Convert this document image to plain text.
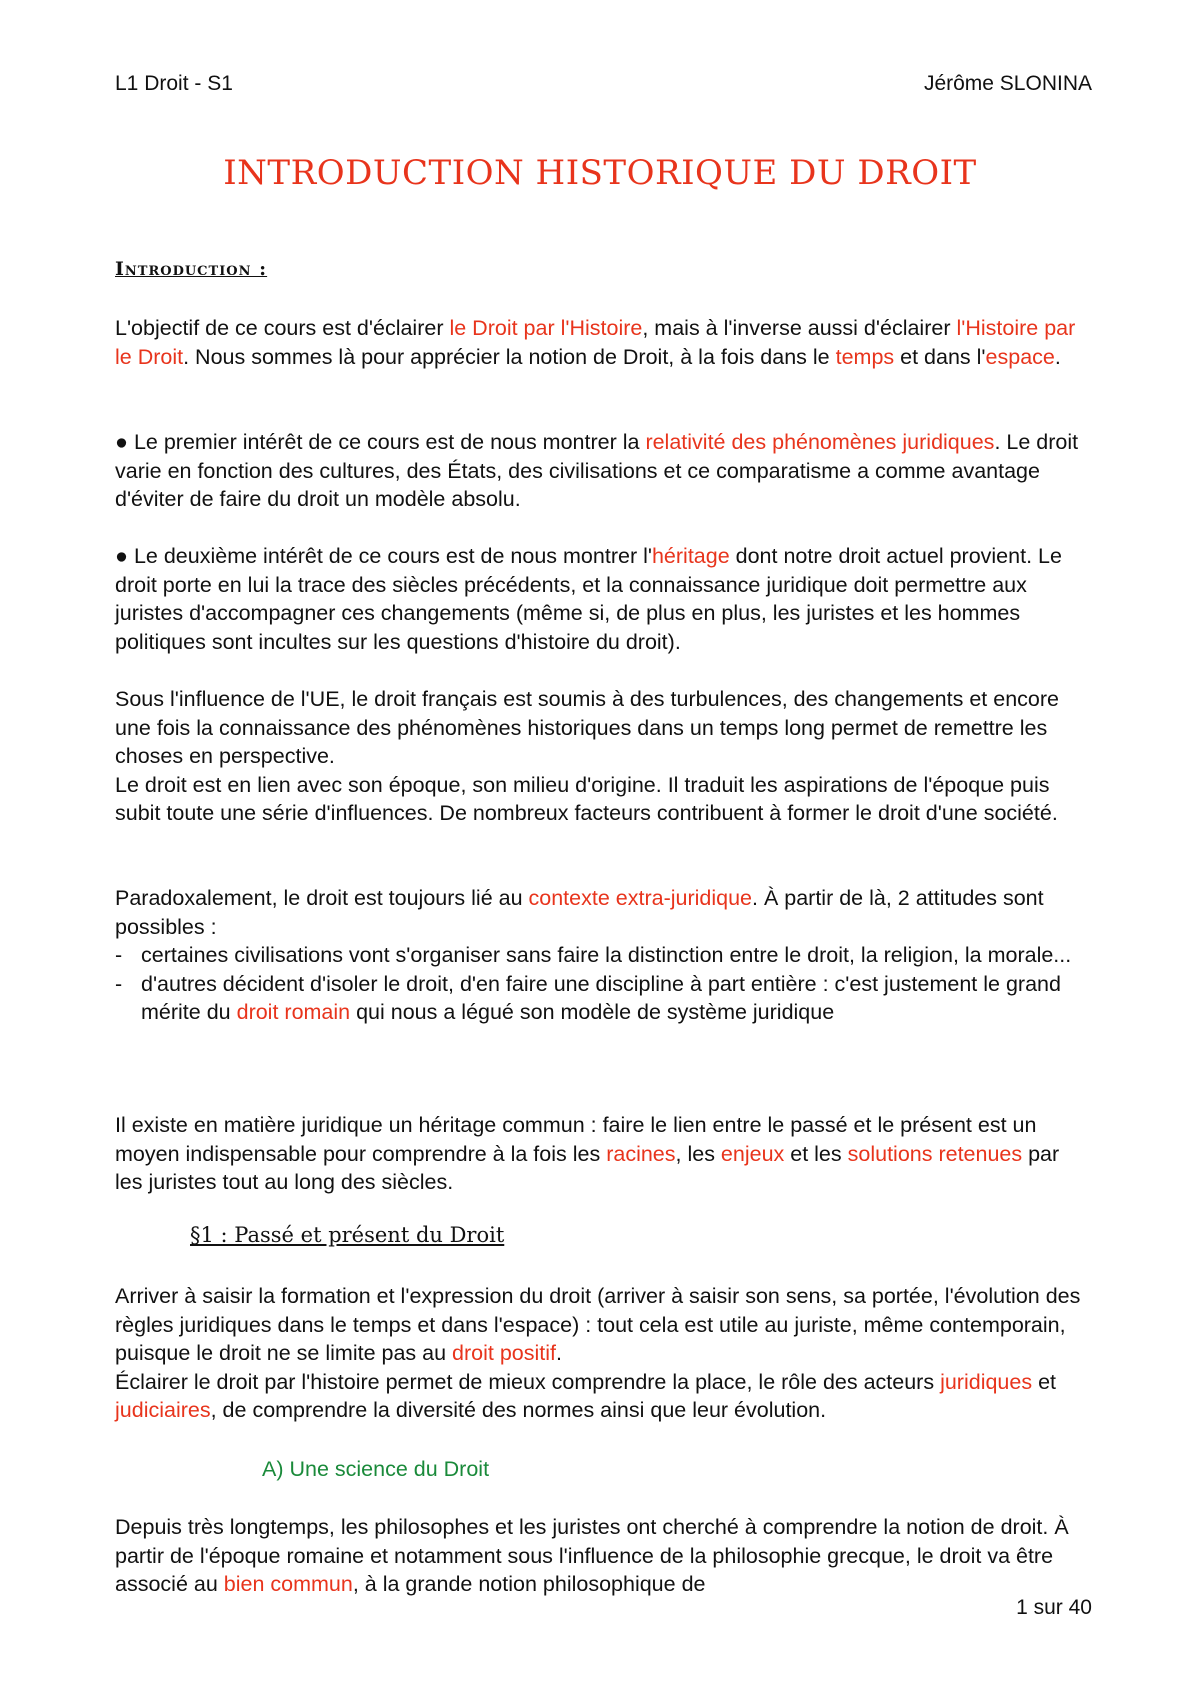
L1 Droit - S1	Jérôme SLONINA
INTRODUCTION HISTORIQUE DU DROIT
Introduction :

L'objectif de ce cours est d'éclairer le Droit par l'Histoire, mais à l'inverse aussi d'éclairer l'Histoire par le Droit. Nous sommes là pour apprécier la notion de Droit, à la fois dans le temps et dans l'espace.

● Le premier intérêt de ce cours est de nous montrer la relativité des phénomènes juridiques. Le droit varie en fonction des cultures, des États, des civilisations et ce comparatisme a comme avantage d'éviter de faire du droit un modèle absolu.

● Le deuxième intérêt de ce cours est de nous montrer l'héritage dont notre droit actuel provient. Le droit porte en lui la trace des siècles précédents, et la connaissance juridique doit permettre aux juristes d'accompagner ces changements (même si, de plus en plus, les juristes et les hommes politiques sont incultes sur les questions d'histoire du droit).

Sous l'influence de l'UE, le droit français est soumis à des turbulences, des changements et encore une fois la connaissance des phénomènes historiques dans un temps long permet de remettre les choses en perspective.

Le droit est en lien avec son époque, son milieu d'origine. Il traduit les aspirations de l'époque puis subit toute une série d'influences. De nombreux facteurs contribuent à former le droit d'une société.

Paradoxalement, le droit est toujours lié au contexte extra-juridique. À partir de là, 2 attitudes sont possibles :

- certaines civilisations vont s'organiser sans faire la distinction entre le droit, la religion, la morale...
- d'autres décident d'isoler le droit, d'en faire une discipline à part entière : c'est justement le grand mérite du droit romain qui nous a légué son modèle de système juridique

Il existe en matière juridique un héritage commun : faire le lien entre le passé et le présent est un moyen indispensable pour comprendre à la fois les racines, les enjeux et les solutions retenues par les juristes tout au long des siècles.

§1 : Passé et présent du Droit

Arriver à saisir la formation et l'expression du droit (arriver à saisir son sens, sa portée, l'évolution des règles juridiques dans le temps et dans l'espace) : tout cela est utile au juriste, même contemporain, puisque le droit ne se limite pas au droit positif.

Éclairer le droit par l'histoire permet de mieux comprendre la place, le rôle des acteurs juridiques et judiciaires, de comprendre la diversité des normes ainsi que leur évolution.

A) Une science du Droit

Depuis très longtemps, les philosophes et les juristes ont cherché à comprendre la notion de droit. À partir de l'époque romaine et notamment sous l'influence de la philosophie grecque, le droit va être associé au bien commun, à la grande notion philosophique de

1 sur 40
